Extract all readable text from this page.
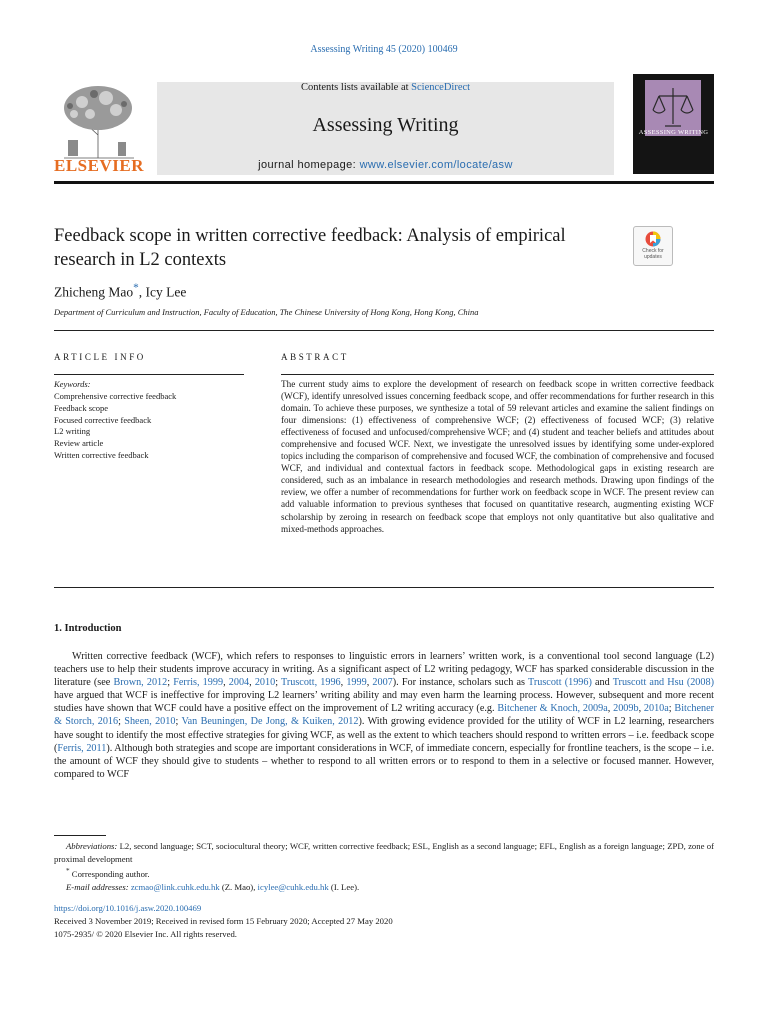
Assessing Writing 45 (2020) 100469
ELSEVIER
Contents lists available at ScienceDirect
Assessing Writing
journal homepage: www.elsevier.com/locate/asw
ASSESSING WRITING
Feedback scope in written corrective feedback: Analysis of empirical research in L2 contexts	Check for
updates
Zhicheng Mao*, Icy Lee
Department of Curriculum and Instruction, Faculty of Education, The Chinese University of Hong Kong, Hong Kong, China
ARTICLE INFO
Keywords:
Comprehensive corrective feedback
Feedback scope
Focused corrective feedback
L2 writing
Review article
Written corrective feedback
ABSTRACT
The current study aims to explore the development of research on feedback scope in written corrective feedback (WCF), identify unresolved issues concerning feedback scope, and offer recommendations for further research in this domain. To achieve these purposes, we synthesize a total of 59 relevant articles and examine the salient findings on four dimensions: (1) effectiveness of comprehensive WCF; (2) effectiveness of focused WCF; (3) relative effectiveness of focused and unfocused/comprehensive WCF; and (4) student and teacher beliefs and attitudes about comprehensive and focused WCF. Next, we investigate the unresolved issues by identifying some under-explored topics including the comparison of comprehensive and focused WCF, the combination of comprehensive and focused WCF, and individual and contextual factors in feedback scope. Methodological gaps in existing research are considered, such as an imbalance in research methodologies and research methods. Drawing upon findings of the review, we offer a number of recommendations for further work on feedback scope in WCF. The present review can add valuable information to previous syntheses that focused on quantitative research, augmenting existing WCF scholarship by zeroing in research on feedback scope that employs not only quantitative but also qualitative and mixed-methods approaches.
1. Introduction
Written corrective feedback (WCF), which refers to responses to linguistic errors in learners’ written work, is a conventional tool second language (L2) teachers use to help their students improve accuracy in writing. As a significant aspect of L2 writing pedagogy, WCF has sparked considerable discussion in the literature (see Brown, 2012; Ferris, 1999, 2004, 2010; Truscott, 1996, 1999, 2007). For instance, scholars such as Truscott (1996) and Truscott and Hsu (2008) have argued that WCF is ineffective for improving L2 learners’ writing ability and may even harm the learning process. However, subsequent and more recent studies have shown that WCF could have a positive effect on the improvement of L2 writing accuracy (e.g. Bitchener & Knoch, 2009a, 2009b, 2010a; Bitchener & Storch, 2016; Sheen, 2010; Van Beuningen, De Jong, & Kuiken, 2012). With growing evidence provided for the utility of WCF in L2 learning, researchers have sought to identify the most effective strategies for giving WCF, as well as the extent to which teachers should respond to written errors – i.e. feedback scope (Ferris, 2011). Although both strategies and scope are important considerations in WCF, of immediate concern, especially for frontline teachers, is the scope – i.e. the amount of WCF they should give to students – whether to respond to all written errors or to respond to them in a selective or focused manner. However, compared to WCF
Abbreviations: L2, second language; SCT, sociocultural theory; WCF, written corrective feedback; ESL, English as a second language; EFL, English as a foreign language; ZPD, zone of proximal development
* Corresponding author.
E-mail addresses: zcmao@link.cuhk.edu.hk (Z. Mao), icylee@cuhk.edu.hk (I. Lee).
https://doi.org/10.1016/j.asw.2020.100469
Received 3 November 2019; Received in revised form 15 February 2020; Accepted 27 May 2020
1075-2935/ © 2020 Elsevier Inc. All rights reserved.
